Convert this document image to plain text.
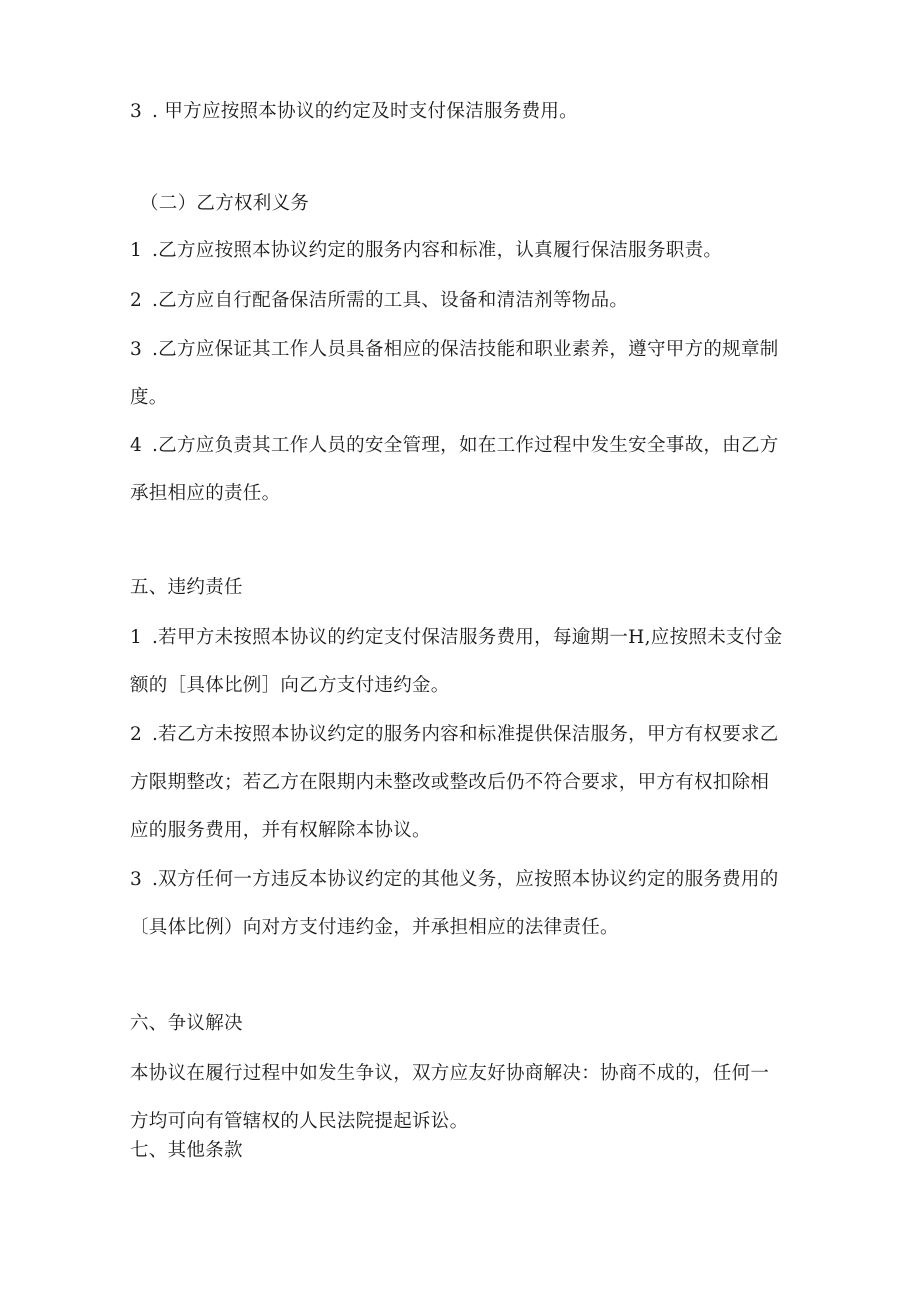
3 . 甲方应按照本协议的约定及时支付保洁服务费用。
（二）乙方权利义务
1 .乙方应按照本协议约定的服务内容和标准，认真履行保洁服务职责。
2 .乙方应自行配备保洁所需的工具、设备和清洁剂等物品。
3 .乙方应保证其工作人员具备相应的保洁技能和职业素养，遵守甲方的规章制
度。
4 .乙方应负责其工作人员的安全管理，如在工作过程中发生安全事故，由乙方
承担相应的责任。
五、违约责任
1 .若甲方未按照本协议的约定支付保洁服务费用，每逾期一H,应按照未支付金
额的［具体比例］向乙方支付违约金。
2 .若乙方未按照本协议约定的服务内容和标准提供保洁服务，甲方有权要求乙
方限期整改；若乙方在限期内未整改或整改后仍不符合要求，甲方有权扣除相
应的服务费用，并有权解除本协议。
3 .双方任何一方违反本协议约定的其他义务，应按照本协议约定的服务费用的
〔具体比例）向对方支付违约金，并承担相应的法律责任。
六、争议解决
本协议在履行过程中如发生争议，双方应友好协商解决：协商不成的，任何一
方均可向有管辖权的人民法院提起诉讼。
七、其他条款
